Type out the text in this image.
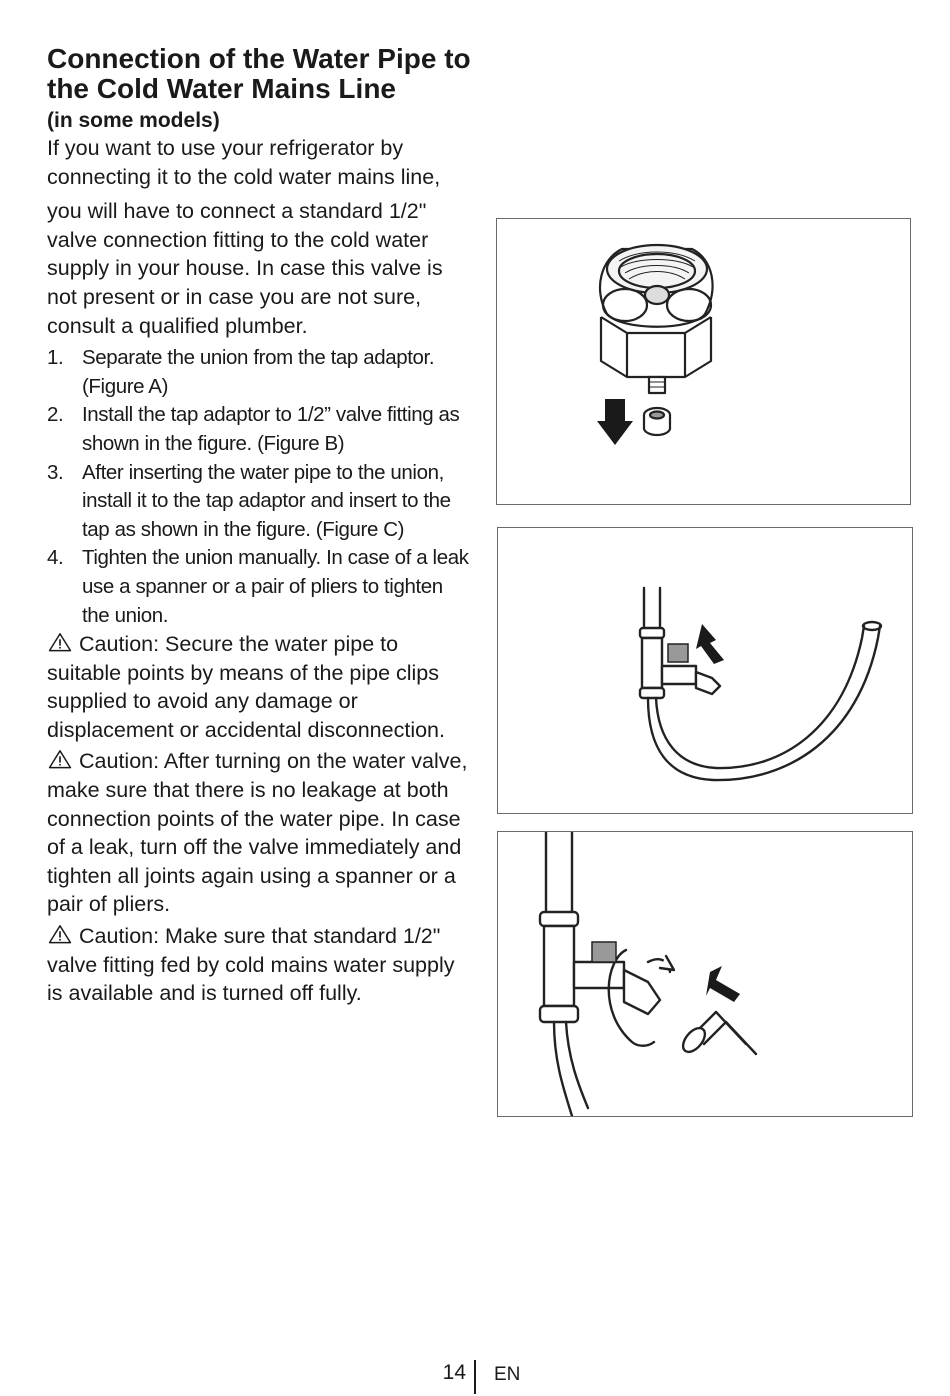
Connection of the Water Pipe to the Cold Water Mains Line
(in some models)

If you want to use your refrigerator by connecting it to the cold water mains line,

you will have to connect a standard 1/2" valve connection fitting to the cold water supply in your house. In case this valve is not present or in case you are not sure, consult a qualified plumber.

1. Separate the union from the tap adaptor. (Figure A)
2. Install the tap adaptor to 1/2” valve fitting as shown in the figure. (Figure B)
3. After inserting the water pipe to the union, install it to the tap adaptor and insert to the tap as shown in the figure. (Figure C)
4. Tighten the union manually. In case of a leak use a spanner or a pair of pliers to tighten the union.

Caution: Secure the water pipe to suitable points by means of the pipe clips supplied to avoid any damage or displacement or accidental disconnection.

Caution: After turning on the water valve, make sure that there is no leakage at both connection points of the water pipe. In case of a leak, turn off the valve immediately and tighten all joints again using a spanner or a pair of pliers.

Caution: Make sure that standard 1/2" valve fitting fed by cold mains water supply is available and is turned off fully.

14 EN
